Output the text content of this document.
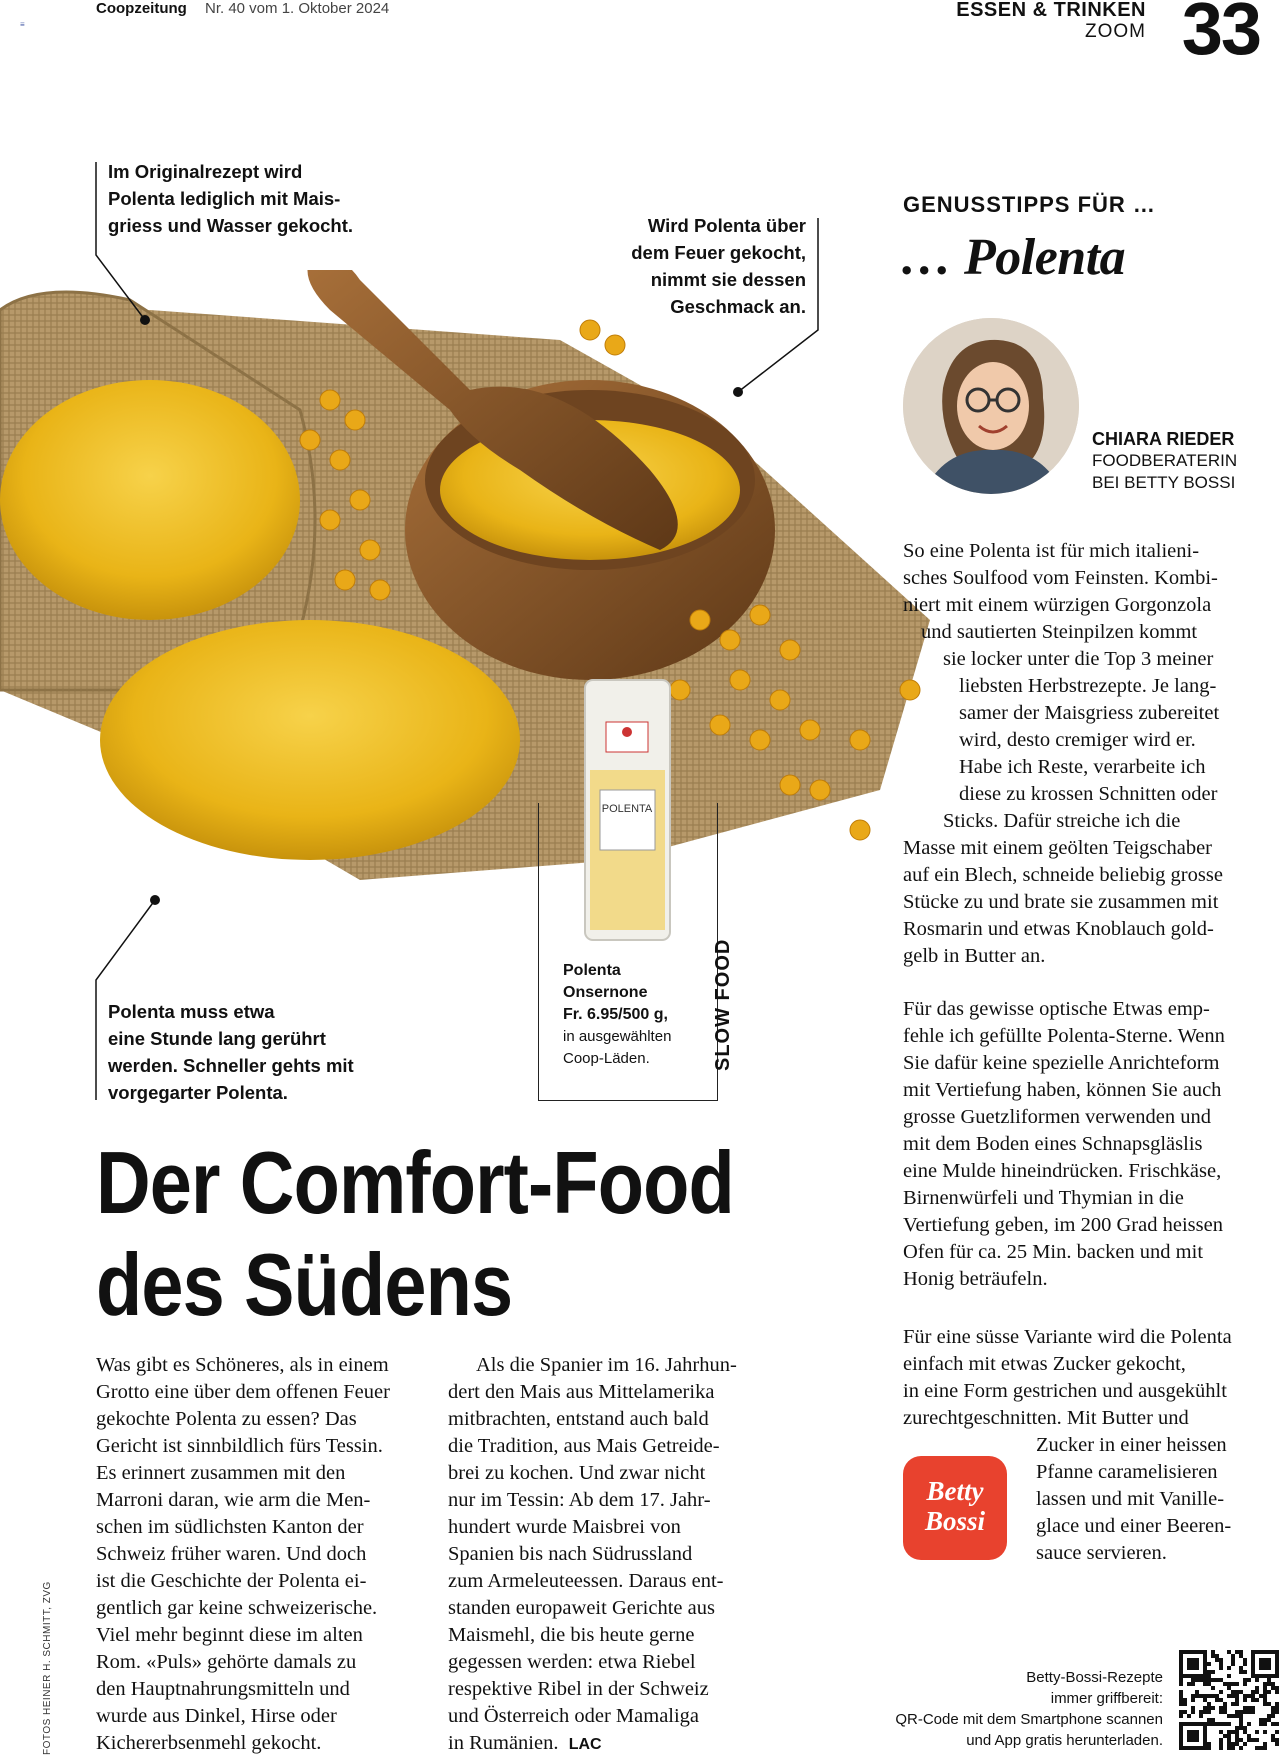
≡
Coopzeitung Nr. 40 vom 1. Oktober 2024	ESSEN & TRINKEN
ZOOM 33
POLENTA
Im Originalrezept wird
Polenta lediglich mit Mais-
griess und Wasser gekocht.	Wird Polenta über
dem Feuer gekocht,
nimmt sie dessen
Geschmack an.
Polenta muss etwa
eine Stunde lang gerührt
werden. Schneller gehts mit
vorgegarter Polenta.
Polenta
Onsernone
Fr. 6.95/500 g,
in ausgewählten
Coop-Läden.	SLOW FOOD
Der Comfort-Food
des Südens
Was gibt es Schöneres, als in einem
Grotto eine über dem offenen Feuer
gekochte Polenta zu essen? Das
Gericht ist sinnbildlich fürs Tessin.
Es erinnert zusammen mit den
Marroni daran, wie arm die Men-
schen im südlichsten Kanton der
Schweiz früher waren. Und doch
ist die Geschichte der Polenta ei-
gentlich gar keine schweizerische.
Viel mehr beginnt diese im alten
Rom. «Puls» gehörte damals zu
den Hauptnahrungsmitteln und
wurde aus Dinkel, Hirse oder
Kichererbsenmehl gekocht.
Als die Spanier im 16. Jahrhun-
dert den Mais aus Mittelamerika
mitbrachten, entstand auch bald
die Tradition, aus Mais Getreide-
brei zu kochen. Und zwar nicht
nur im Tessin: Ab dem 17. Jahr-
hundert wurde Maisbrei von
Spanien bis nach Südrussland
zum Armeleuteessen. Daraus ent-
standen europaweit Gerichte aus
Maismehl, die bis heute gerne
gegessen werden: etwa Riebel
respektive Ribel in der Schweiz
und Österreich oder Mamaliga
in Rumänien. LAC
FOTOS HEINER H. SCHMITT, ZVG
GENUSSTIPPS FÜR …
… Polenta
CHIARA RIEDER
FOODBERATERIN
BEI BETTY BOSSI
So eine Polenta ist für mich italieni-
sches Soulfood vom Feinsten. Kombi-
niert mit einem würzigen Gorgonzola
und sautierten Steinpilzen kommt
sie locker unter die Top 3 meiner
liebsten Herbstrezepte. Je lang-
samer der Maisgriess zubereitet
wird, desto cremiger wird er.
Habe ich Reste, verarbeite ich
diese zu krossen Schnitten oder
Sticks. Dafür streiche ich die
Masse mit einem geölten Teigschaber
auf ein Blech, schneide beliebig grosse
Stücke zu und brate sie zusammen mit
Rosmarin und etwas Knoblauch gold-
gelb in Butter an.
Für das gewisse optische Etwas emp-
fehle ich gefüllte Polenta-Sterne. Wenn
Sie dafür keine spezielle Anrichteform
mit Vertiefung haben, können Sie auch
grosse Guetzliformen verwenden und
mit dem Boden eines Schnapsgläslis
eine Mulde hineindrücken. Frischkäse,
Birnenwürfeli und Thymian in die
Vertiefung geben, im 200 Grad heissen
Ofen für ca. 25 Min. backen und mit
Honig beträufeln.
Für eine süsse Variante wird die Polenta
einfach mit etwas Zucker gekocht,
in eine Form gestrichen und ausgekühlt
zurechtgeschnitten. Mit Butter und
Zucker in einer heissen
Pfanne caramelisieren
lassen und mit Vanille-
glace und einer Beeren-
sauce servieren.
Betty
Bossi
Betty-Bossi-Rezepte
immer griffbereit:
QR-Code mit dem Smartphone scannen
und App gratis herunterladen.
